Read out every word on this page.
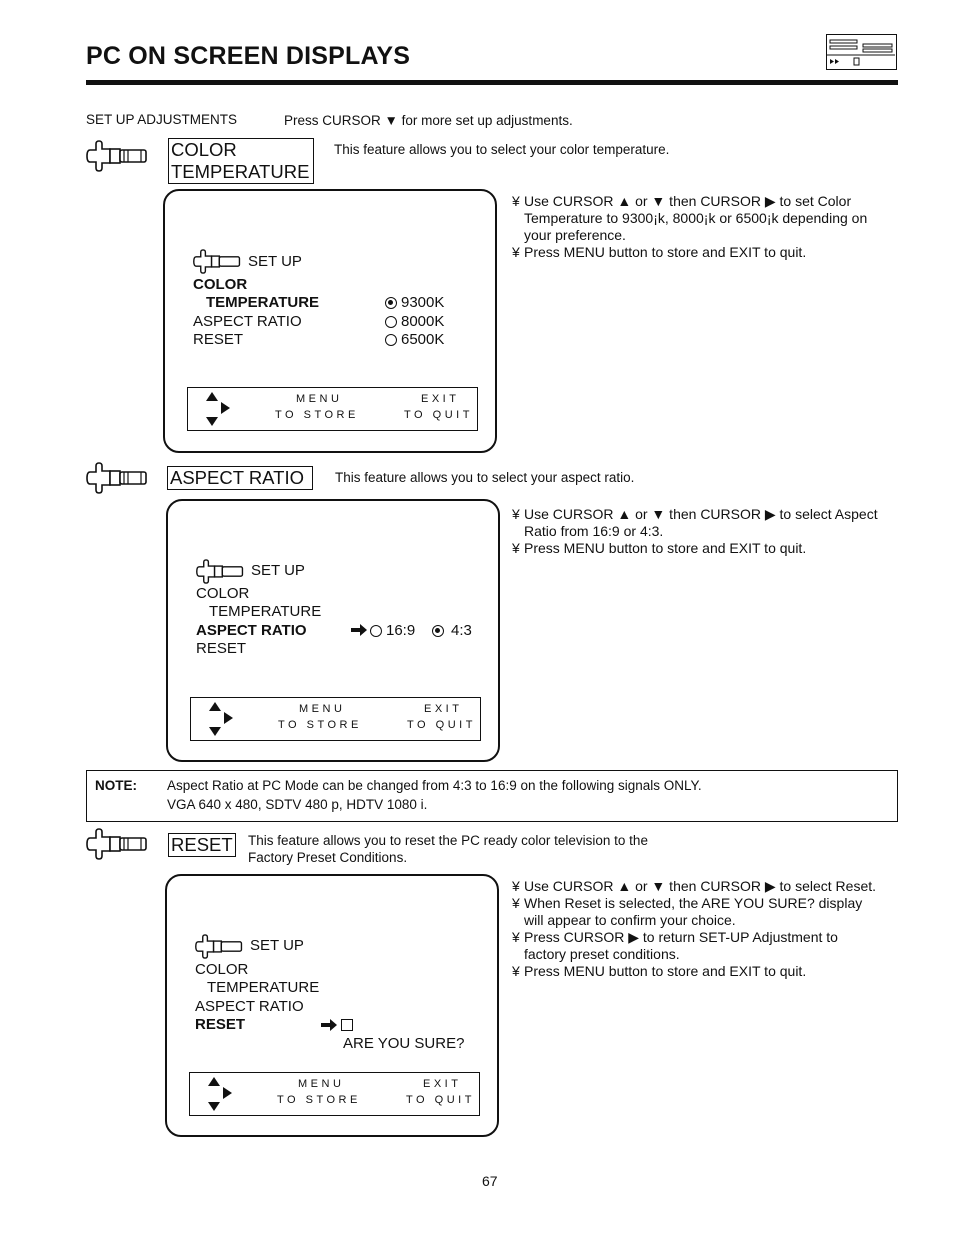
PC ON SCREEN DISPLAYS
SET UP ADJUSTMENTS	Press CURSOR ▼ for more set up adjustments.
COLOR
TEMPERATURE
This feature allows you to select your color temperature.
¥ Use CURSOR ▲ or ▼ then CURSOR ▶ to set Color
Temperature to 9300¡k, 8000¡k or 6500¡k depending on
your preference.
¥ Press MENU button to store and EXIT to quit.
SET UP
COLOR
TEMPERATURE
ASPECT RATIO
RESET
9300K
8000K
6500K
MENU
TO STORE
EXIT
TO QUIT
ASPECT RATIO	This feature allows you to select your aspect ratio.
¥ Use CURSOR ▲ or ▼ then CURSOR ▶ to select Aspect
Ratio from 16:9 or 4:3.
¥ Press MENU button to store and EXIT to quit.
SET UP
COLOR
TEMPERATURE
ASPECT RATIO
RESET
16:9 4:3
MENU
TO STORE
EXIT
TO QUIT
NOTE: Aspect Ratio at PC Mode can be changed from 4:3 to 16:9 on the following signals ONLY.
VGA 640 x 480, SDTV 480 p, HDTV 1080 i.
RESET This feature allows you to reset the PC ready color television to the
Factory Preset Conditions.
¥ Use CURSOR ▲ or ▼ then CURSOR ▶ to select Reset.
¥ When Reset is selected, the ARE YOU SURE? display
will appear to confirm your choice.
¥ Press CURSOR ▶ to return SET-UP Adjustment to
factory preset conditions.
¥ Press MENU button to store and EXIT to quit.
SET UP
COLOR
TEMPERATURE
ASPECT RATIO
RESET
ARE YOU SURE?
MENU
TO STORE
EXIT
TO QUIT
67
